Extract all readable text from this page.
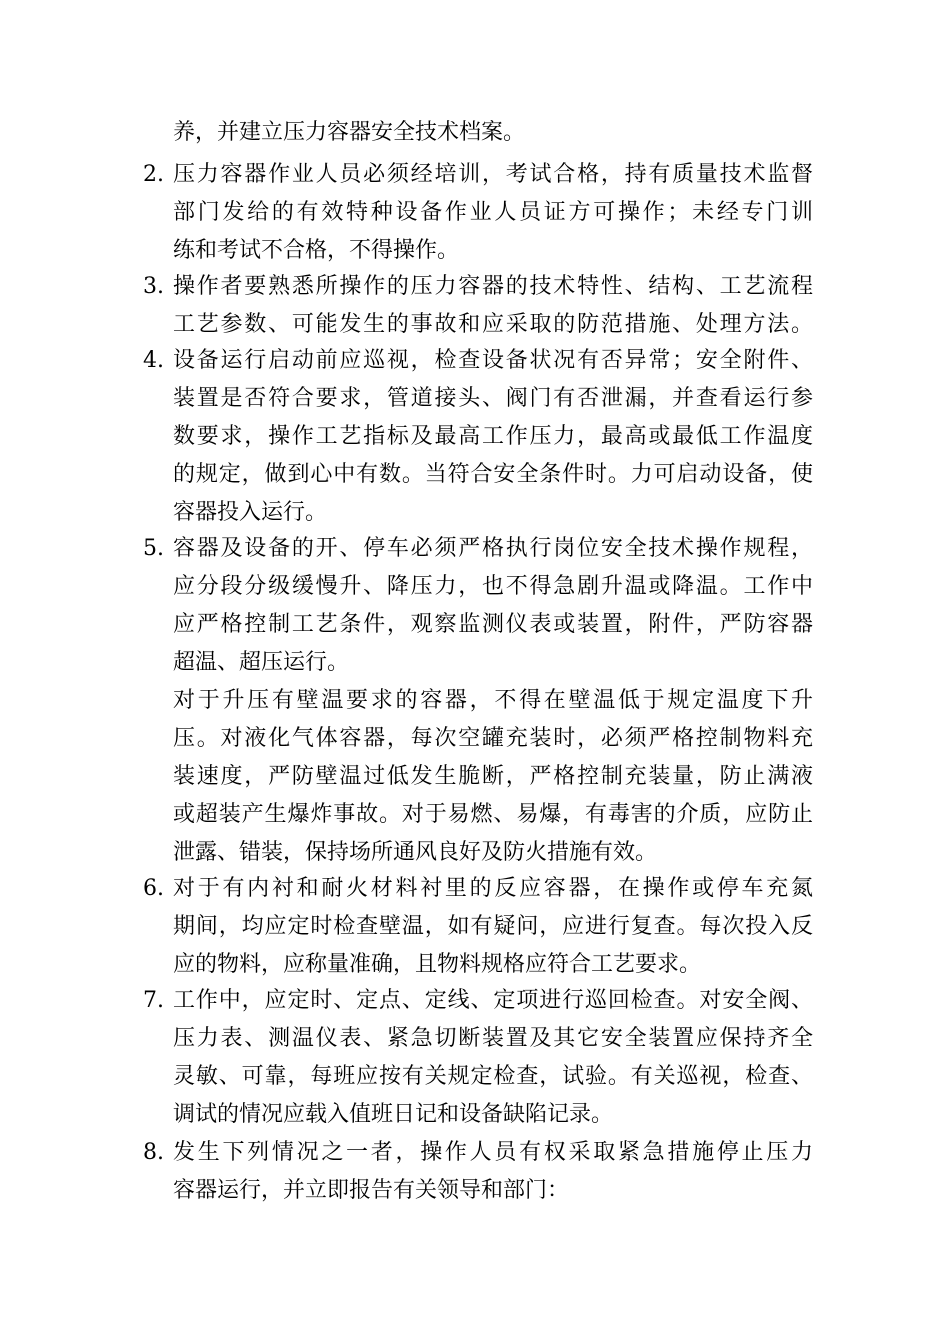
养，并建立压力容器安全技术档案。
2. 压力容器作业人员必须经培训，考试合格，持有质量技术监督
部门发给的有效特种设备作业人员证方可操作；未经专门训
练和考试不合格，不得操作。
3. 操作者要熟悉所操作的压力容器的技术特性、结构、工艺流程
工艺参数、可能发生的事故和应采取的防范措施、处理方法。
4. 设备运行启动前应巡视，检查设备状况有否异常；安全附件、
装置是否符合要求，管道接头、阀门有否泄漏，并查看运行参
数要求，操作工艺指标及最高工作压力，最高或最低工作温度
的规定，做到心中有数。当符合安全条件时。力可启动设备，使
容器投入运行。
5. 容器及设备的开、停车必须严格执行岗位安全技术操作规程，
应分段分级缓慢升、降压力，也不得急剧升温或降温。工作中
应严格控制工艺条件，观察监测仪表或装置，附件，严防容器
超温、超压运行。
对于升压有壁温要求的容器，不得在壁温低于规定温度下升
压。对液化气体容器，每次空罐充装时，必须严格控制物料充
装速度，严防壁温过低发生脆断，严格控制充装量，防止满液
或超装产生爆炸事故。对于易燃、易爆，有毒害的介质，应防止
泄露、错装，保持场所通风良好及防火措施有效。
6. 对于有内衬和耐火材料衬里的反应容器，在操作或停车充氮
期间，均应定时检查壁温，如有疑问，应进行复查。每次投入反
应的物料，应称量准确，且物料规格应符合工艺要求。
7. 工作中，应定时、定点、定线、定项进行巡回检查。对安全阀、
压力表、测温仪表、紧急切断装置及其它安全装置应保持齐全
灵敏、可靠，每班应按有关规定检查，试验。有关巡视，检查、
调试的情况应载入值班日记和设备缺陷记录。
8. 发生下列情况之一者，操作人员有权采取紧急措施停止压力
容器运行，并立即报告有关领导和部门：
